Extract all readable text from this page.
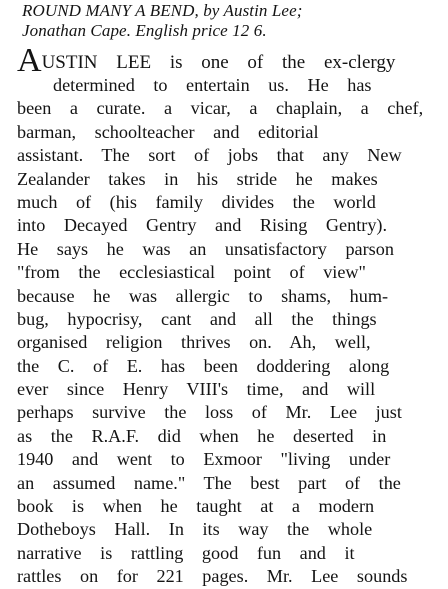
ROUND MANY A BEND, by Austin Lee;
Jonathan Cape. English price 12 6.
AUSTIN LEE is one of the ex-clergy
determined to entertain us. He has
been a curate. a vicar, a chaplain, a chef,
barman, schoolteacher and editorial
assistant. The sort of jobs that any New
Zealander takes in his stride he makes
much of (his family divides the world
into Decayed Gentry and Rising Gentry).
He says he was an unsatisfactory parson
"from the ecclesiastical point of view"
because he was allergic to shams, hum-
bug, hypocrisy, cant and all the things
organised religion thrives on. Ah, well,
the C. of E. has been doddering along
ever since Henry VIII's time, and will
perhaps survive the loss of Mr. Lee just
as the R.A.F. did when he deserted in
1940 and went to Exmoor "living under
an assumed name." The best part of the
book is when he taught at a modern
Dotheboys Hall. In its way the whole
narrative is rattling good fun and it
rattles on for 221 pages. Mr. Lee sounds
